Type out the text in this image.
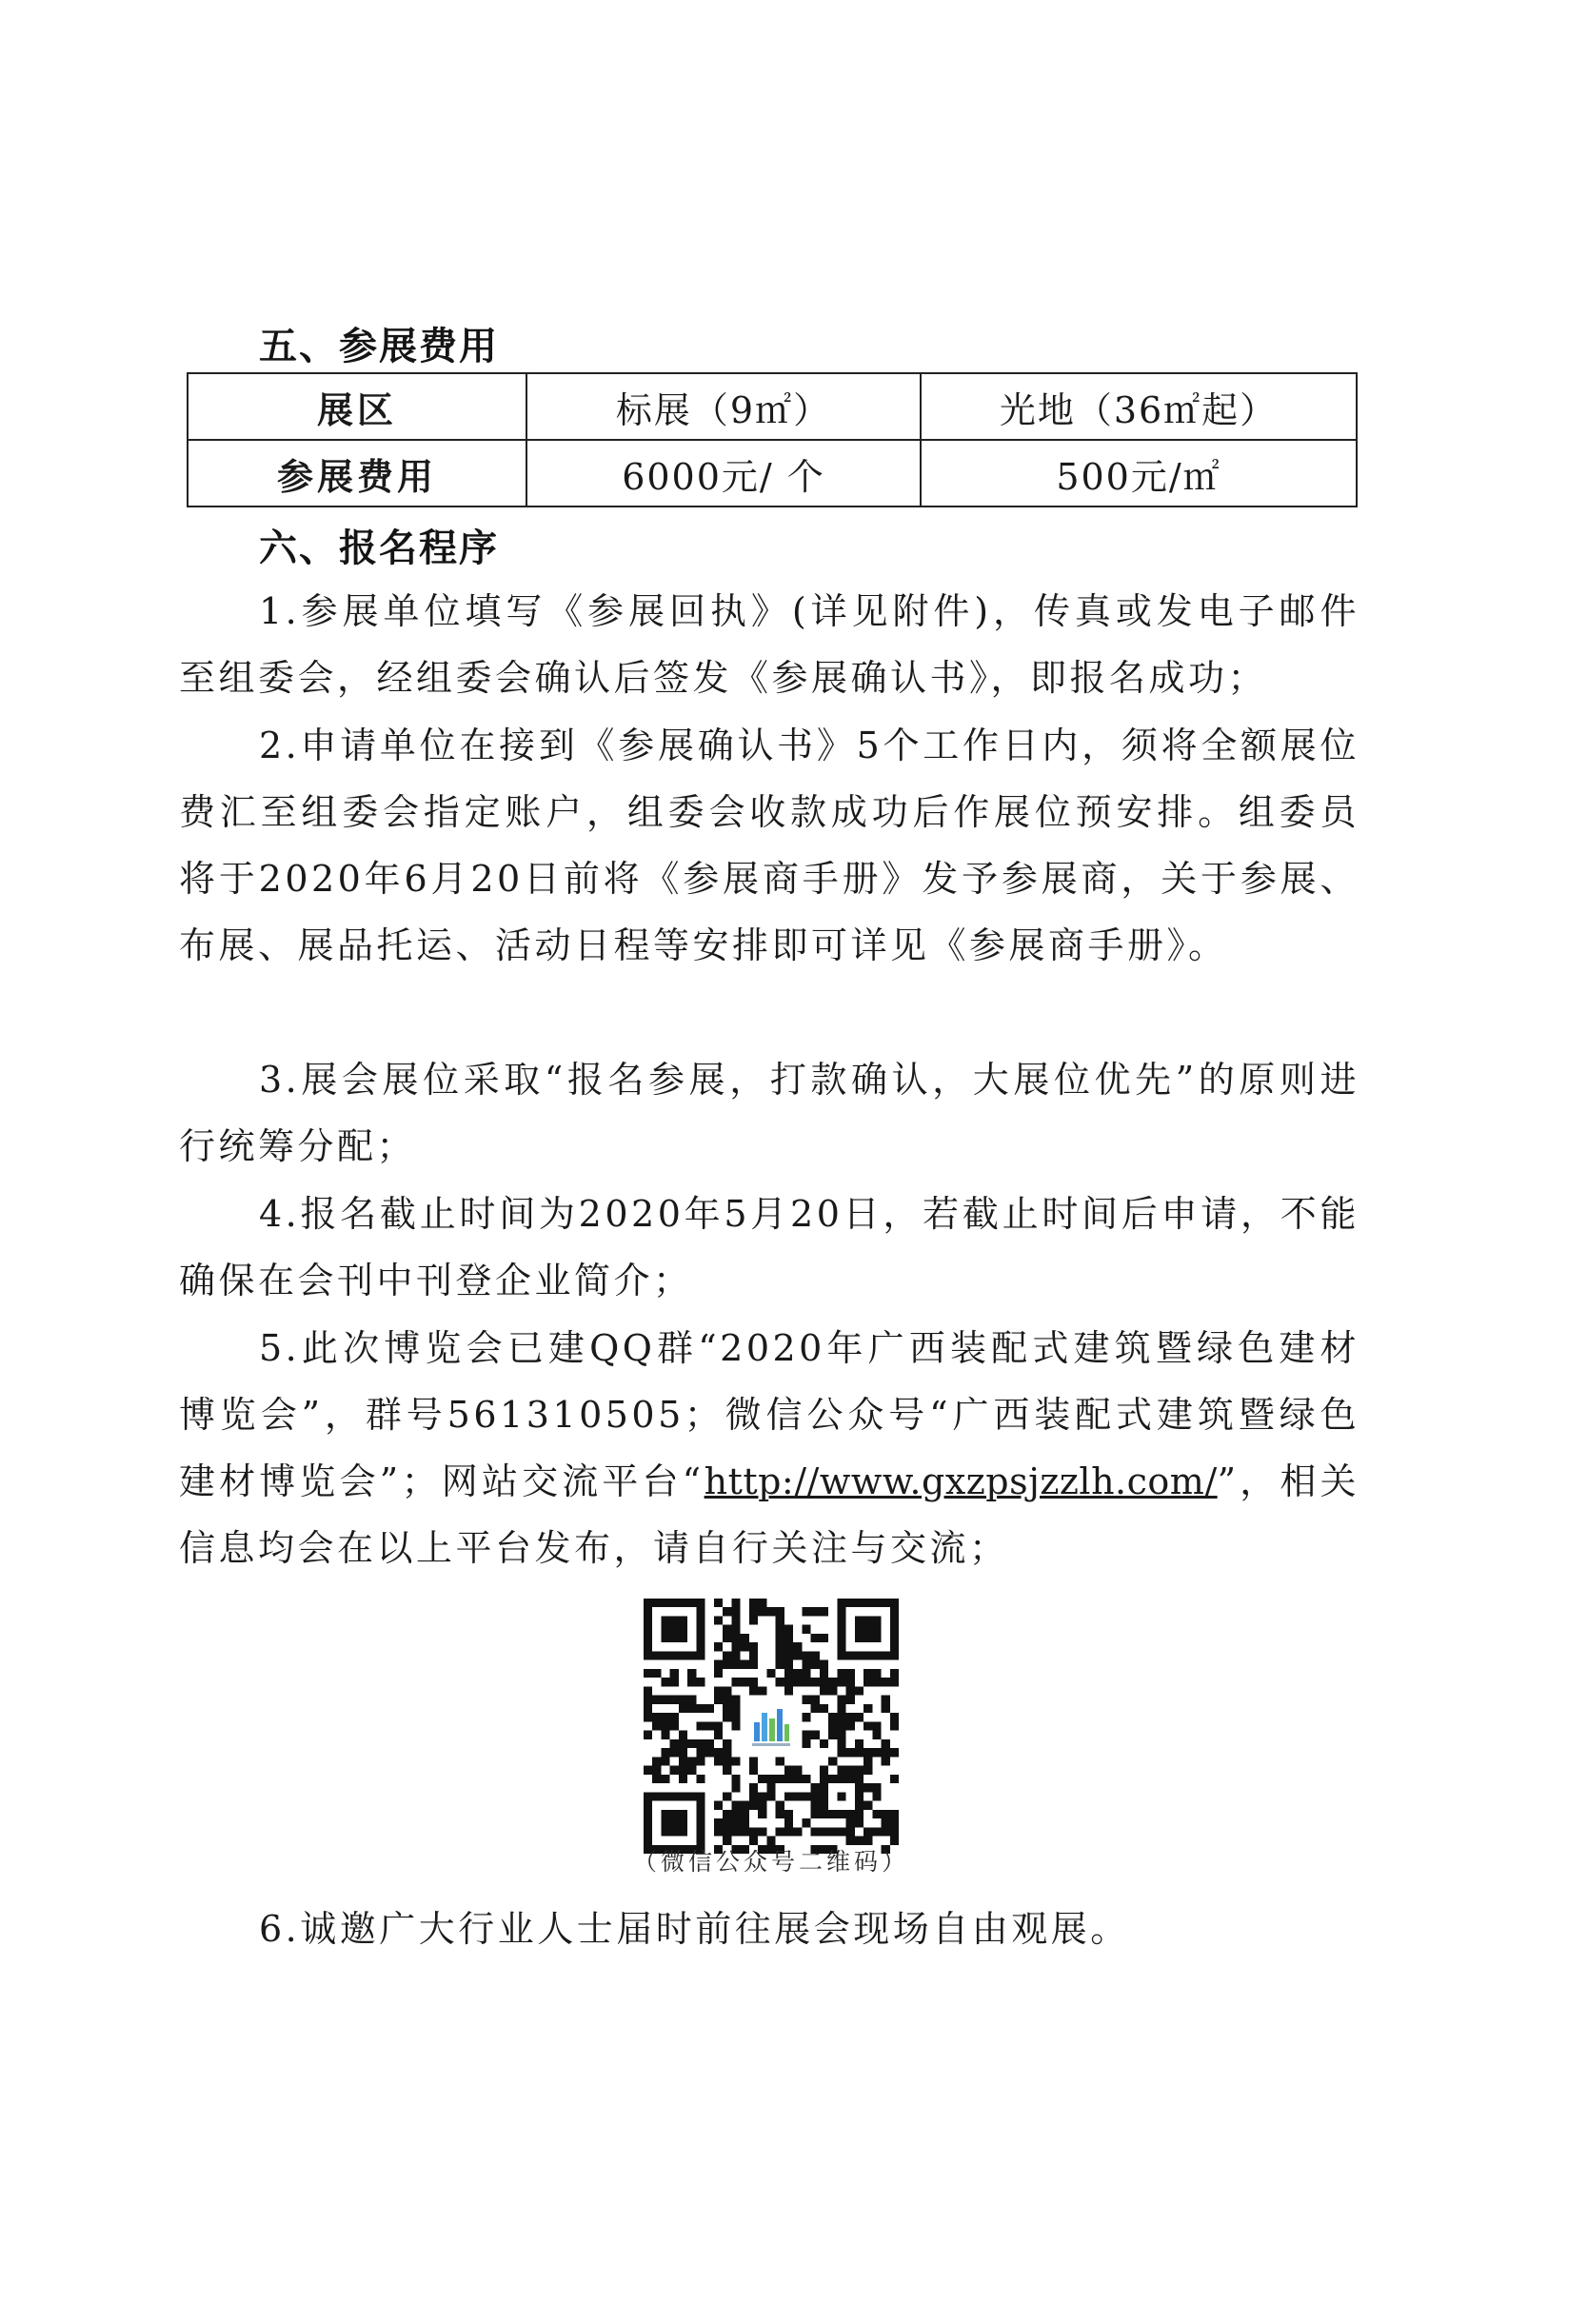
五、参展费用
展区	标展（9㎡）	光地（36㎡起）
参展费用	6000元/ 个	500元/㎡
六、报名程序

1.参展单位填写《参展回执》(详见附件)，传真或发电子邮件至组委会，经组委会确认后签发《参展确认书》，即报名成功；

2.申请单位在接到《参展确认书》5个工作日内，须将全额展位费汇至组委会指定账户，组委会收款成功后作展位预安排。组委员将于2020年6月20日前将《参展商手册》发予参展商，关于参展、布展、展品托运、活动日程等安排即可详见《参展商手册》。

3.展会展位采取“报名参展，打款确认，大展位优先”的原则进行统筹分配；

4.报名截止时间为2020年5月20日，若截止时间后申请，不能确保在会刊中刊登企业简介；

5.此次博览会已建QQ群“2020年广西装配式建筑暨绿色建材博览会”，群号561310505；微信公众号“广西装配式建筑暨绿色建材博览会”；网站交流平台“http://www.gxzpsjzzlh.com/”，相关信息均会在以上平台发布，请自行关注与交流；

（微信公众号二维码）

6.诚邀广大行业人士届时前往展会现场自由观展。
